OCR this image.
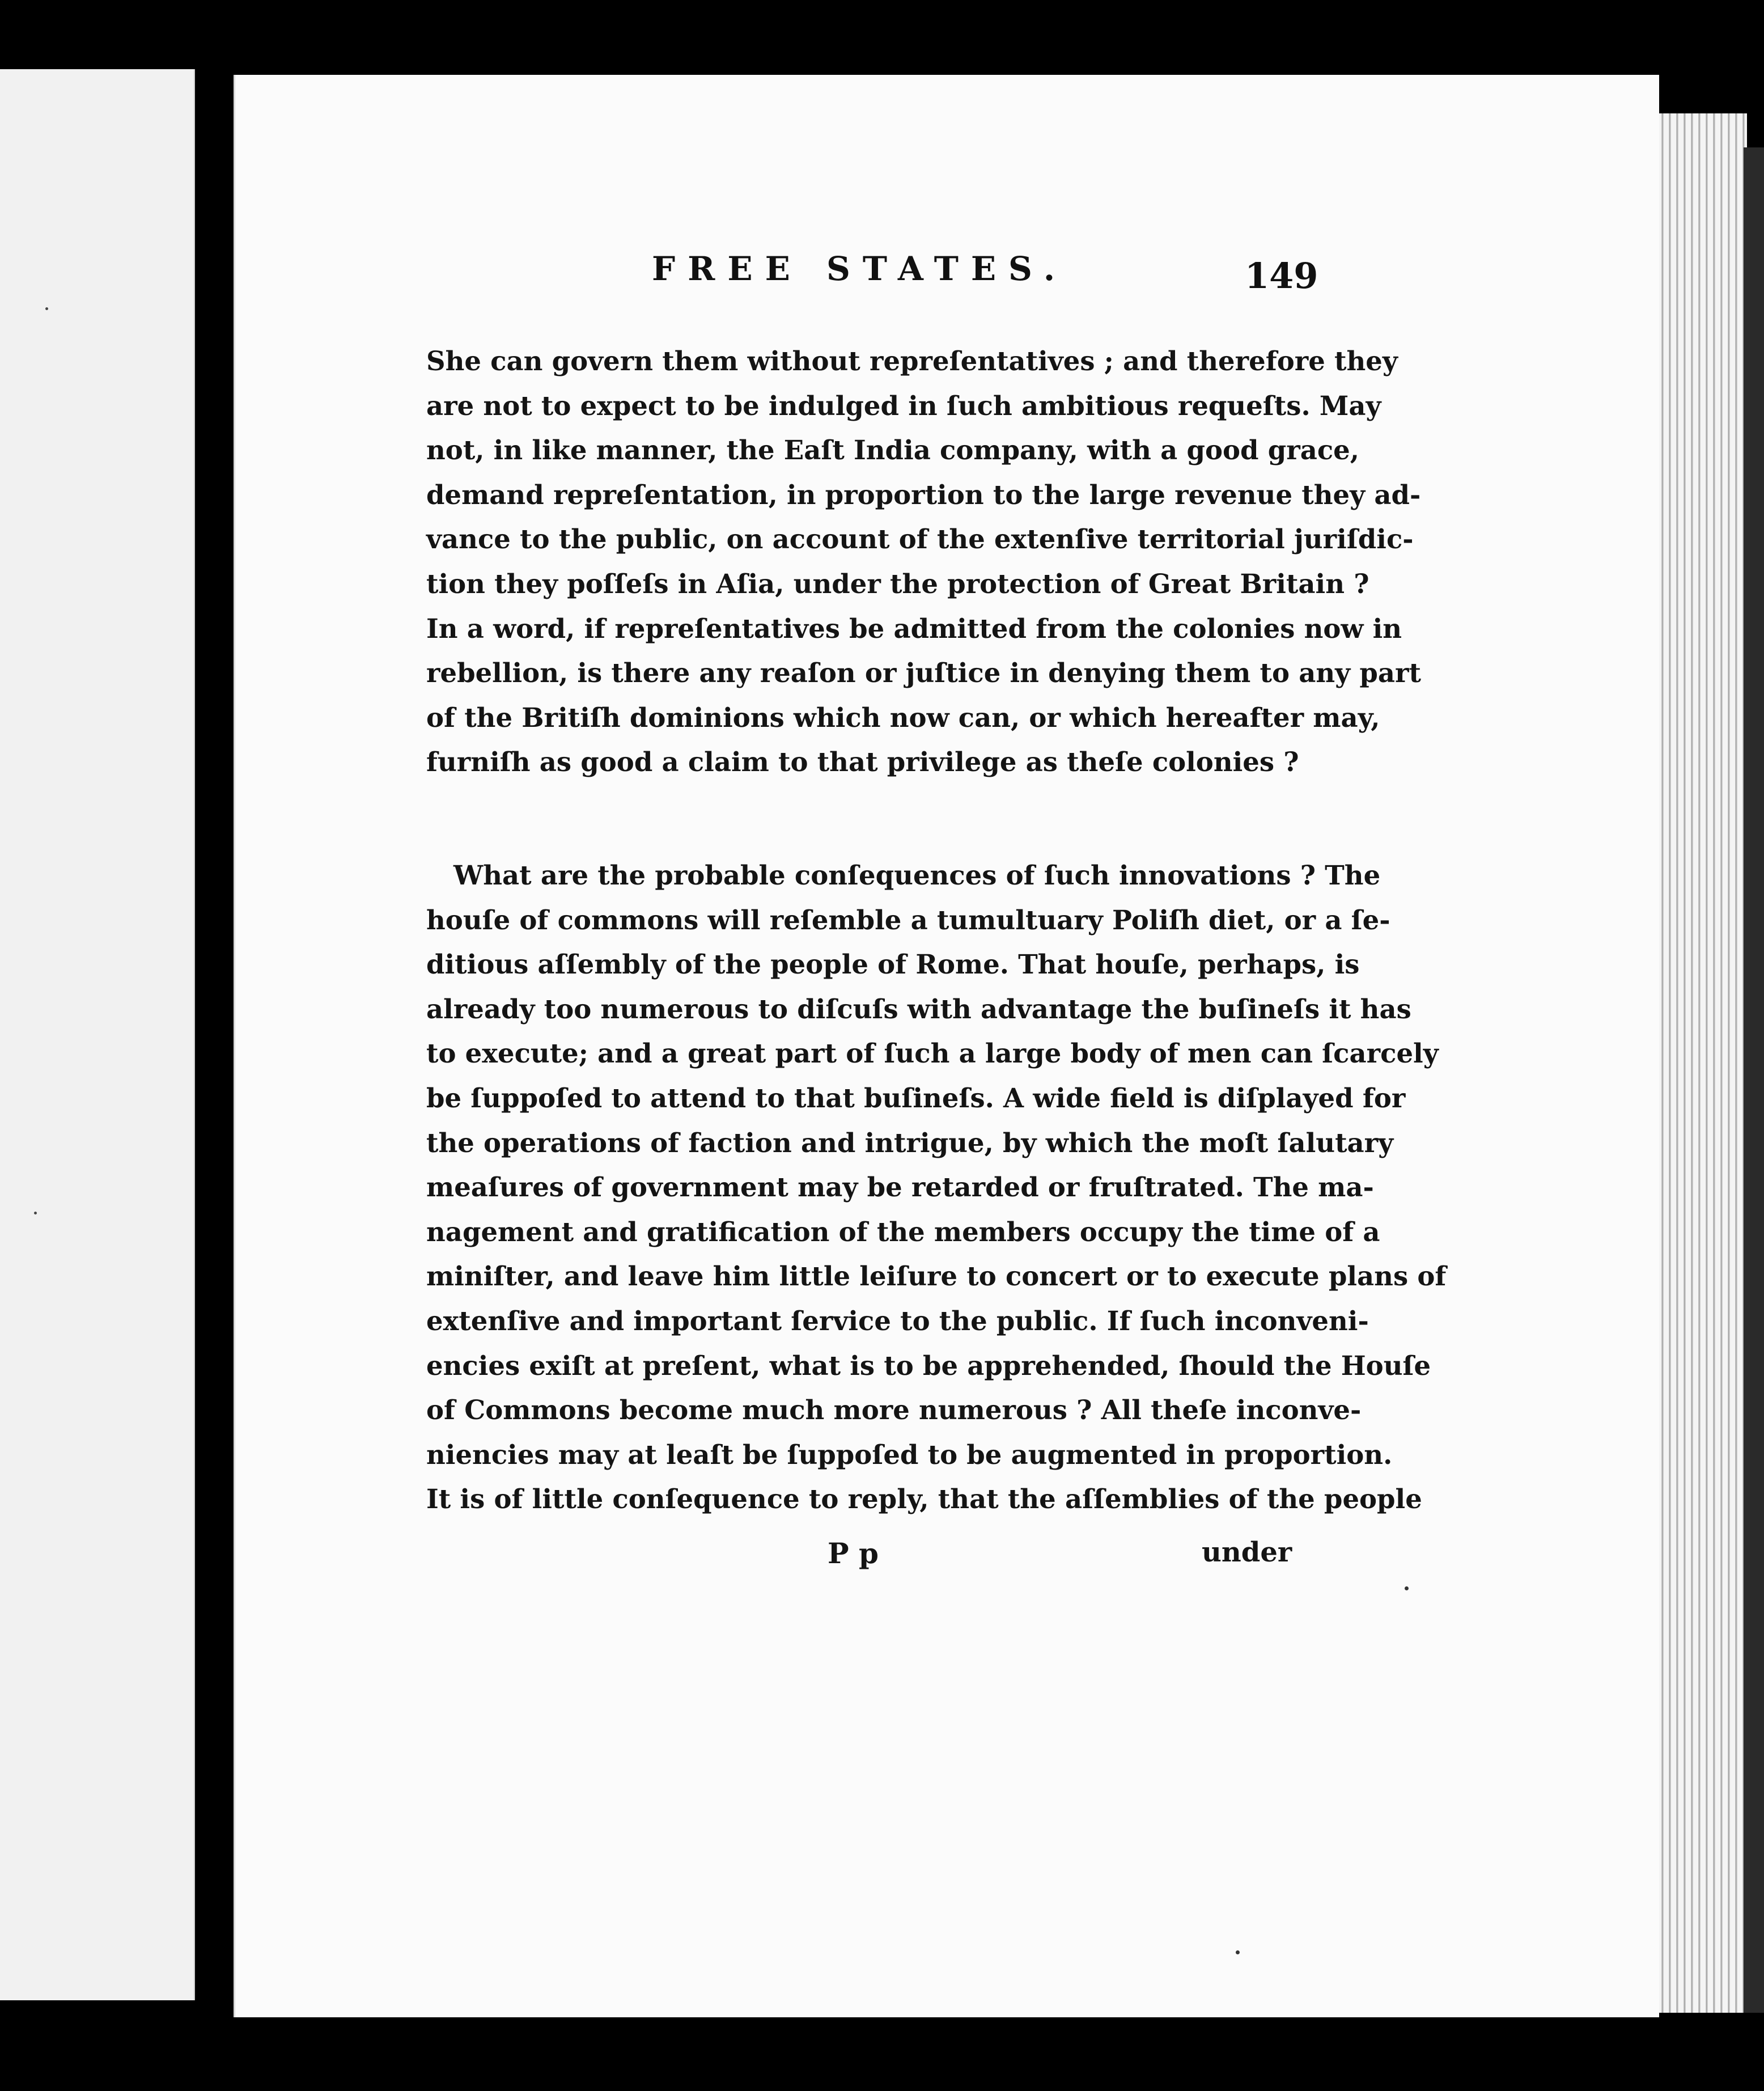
FREE STATES.	149
She can govern them without repreſentatives ; and therefore they
are not to expect to be indulged in ſuch ambitious requeſts. May
not, in like manner, the Eaſt India company, with a good grace,
demand repreſentation, in proportion to the large revenue they ad-
vance to the public, on account of the extenſive territorial juriſdic-
tion they poſſeſs in Aſia, under the protection of Great Britain ?
In a word, if repreſentatives be admitted from the colonies now in
rebellion, is there any reaſon or juſtice in denying them to any part
of the Britiſh dominions which now can, or which hereafter may,
furniſh as good a claim to that privilege as theſe colonies ?
What are the probable conſequences of ſuch innovations ? The
houſe of commons will reſemble a tumultuary Poliſh diet, or a ſe-
ditious aſſembly of the people of Rome. That houſe, perhaps, is
already too numerous to diſcuſs with advantage the buſineſs it has
to execute; and a great part of ſuch a large body of men can ſcarcely
be ſuppoſed to attend to that buſineſs. A wide field is diſplayed for
the operations of faction and intrigue, by which the moſt ſalutary
meaſures of government may be retarded or fruſtrated. The ma-
nagement and gratification of the members occupy the time of a
miniſter, and leave him little leiſure to concert or to execute plans of
extenſive and important ſervice to the public. If ſuch inconveni-
encies exiſt at preſent, what is to be apprehended, ſhould the Houſe
of Commons become much more numerous ? All theſe inconve-
niencies may at leaſt be ſuppoſed to be augmented in proportion.
It is of little conſequence to reply, that the aſſemblies of the people
P p	under
